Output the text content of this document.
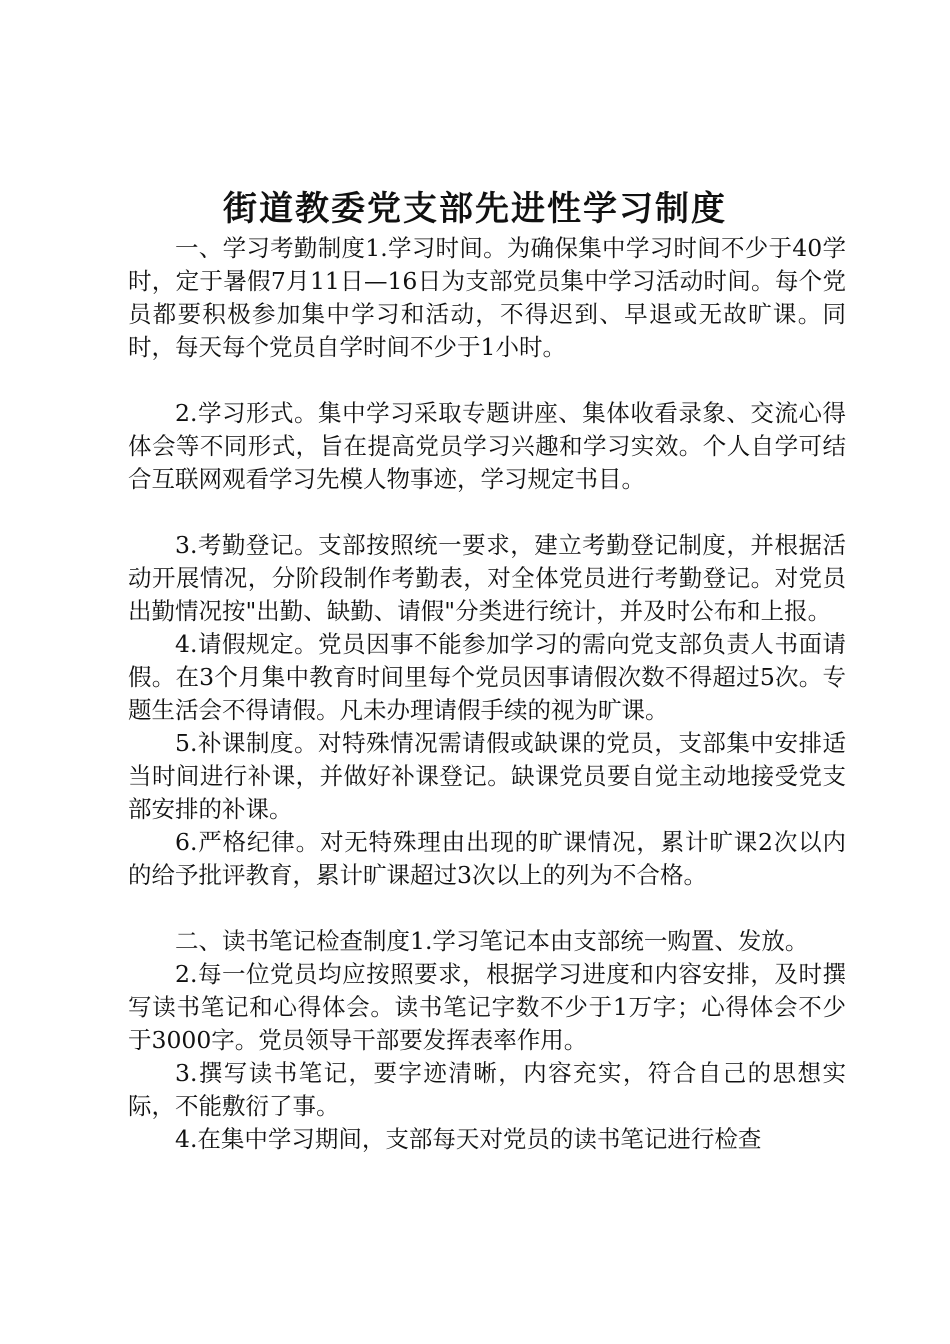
街道教委党支部先进性学习制度

一、学习考勤制度1.学习时间。为确保集中学习时间不少于40学时，定于暑假7月11日—16日为支部党员集中学习活动时间。每个党员都要积极参加集中学习和活动，不得迟到、早退或无故旷课。同时，每天每个党员自学时间不少于1小时。

2.学习形式。集中学习采取专题讲座、集体收看录象、交流心得体会等不同形式，旨在提高党员学习兴趣和学习实效。个人自学可结合互联网观看学习先模人物事迹，学习规定书目。

3.考勤登记。支部按照统一要求，建立考勤登记制度，并根据活动开展情况，分阶段制作考勤表，对全体党员进行考勤登记。对党员出勤情况按"出勤、缺勤、请假"分类进行统计，并及时公布和上报。

4.请假规定。党员因事不能参加学习的需向党支部负责人书面请假。在3个月集中教育时间里每个党员因事请假次数不得超过5次。专题生活会不得请假。凡未办理请假手续的视为旷课。

5.补课制度。对特殊情况需请假或缺课的党员，支部集中安排适当时间进行补课，并做好补课登记。缺课党员要自觉主动地接受党支部安排的补课。

6.严格纪律。对无特殊理由出现的旷课情况，累计旷课2次以内的给予批评教育，累计旷课超过3次以上的列为不合格。

二、读书笔记检查制度1.学习笔记本由支部统一购置、发放。

2.每一位党员均应按照要求，根据学习进度和内容安排，及时撰写读书笔记和心得体会。读书笔记字数不少于1万字；心得体会不少于3000字。党员领导干部要发挥表率作用。

3.撰写读书笔记，要字迹清晰，内容充实，符合自己的思想实际，不能敷衍了事。

4.在集中学习期间，支部每天对党员的读书笔记进行检查
